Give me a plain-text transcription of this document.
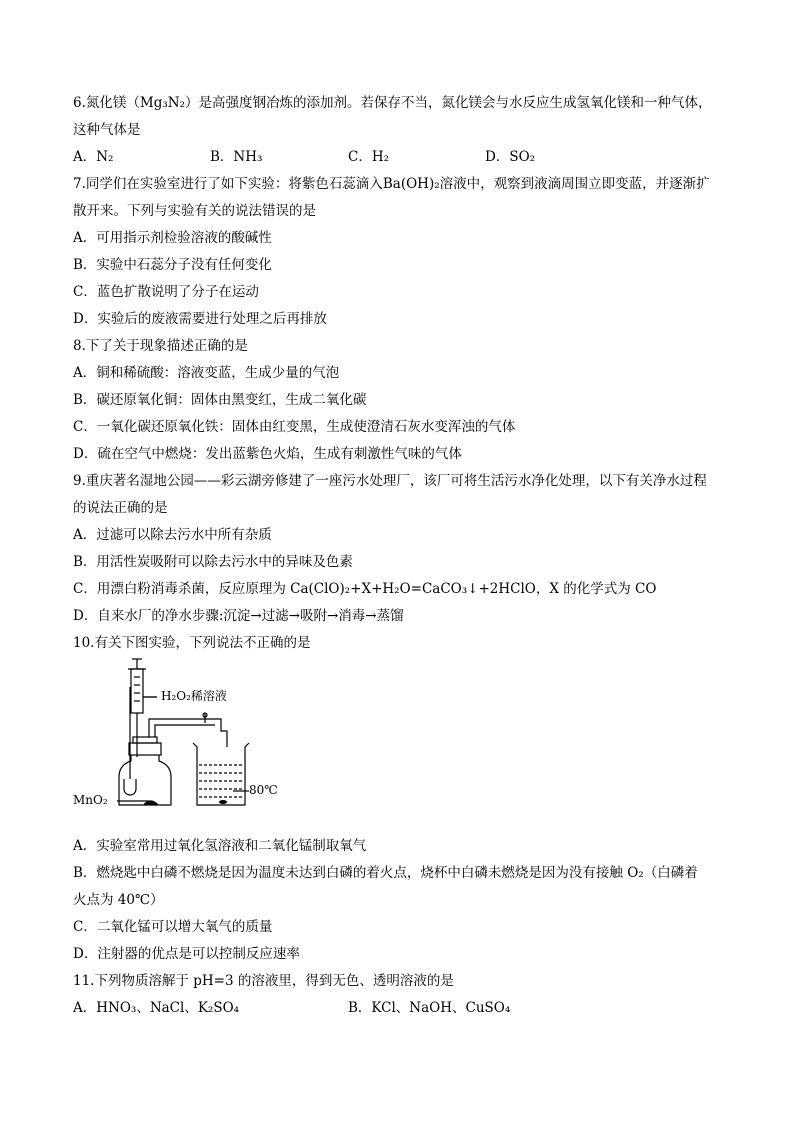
6.氮化镁（Mg₃N₂）是高强度钢冶炼的添加剂。若保存不当，氮化镁会与水反应生成氢氧化镁和一种气体，
这种气体是
A．N₂	B．NH₃	C．H₂	D．SO₂
7.同学们在实验室进行了如下实验：将紫色石蕊滴入Ba(OH)₂溶液中，观察到液滴周围立即变蓝，并逐渐扩
散开来。下列与实验有关的说法错误的是
A．可用指示剂检验溶液的酸碱性
B．实验中石蕊分子没有任何变化
C．蓝色扩散说明了分子在运动
D．实验后的废液需要进行处理之后再排放
8.下了关于现象描述正确的是
A．铜和稀硫酸：溶液变蓝，生成少量的气泡
B．碳还原氧化铜：固体由黑变红，生成二氧化碳
C．一氧化碳还原氧化铁：固体由红变黑，生成使澄清石灰水变浑浊的气体
D．硫在空气中燃烧：发出蓝紫色火焰，生成有刺激性气味的气体
9.重庆著名湿地公园——彩云湖旁修建了一座污水处理厂，该厂可将生活污水净化处理，以下有关净水过程
的说法正确的是
A．过滤可以除去污水中所有杂质
B．用活性炭吸附可以除去污水中的异味及色素
C．用漂白粉消毒杀菌，反应原理为 Ca(ClO)₂+X+H₂O=CaCO₃↓+2HClO，X 的化学式为 CO
D．自来水厂的净水步骤:沉淀→过滤→吸附→消毒→蒸馏
10.有关下图实验，下列说法不正确的是
H₂O₂稀溶液
80℃
MnO₂
A．实验室常用过氧化氢溶液和二氧化锰制取氧气
B．燃烧匙中白磷不燃烧是因为温度未达到白磷的着火点，烧杯中白磷未燃烧是因为没有接触 O₂（白磷着
火点为 40℃）
C．二氧化锰可以增大氧气的质量
D．注射器的优点是可以控制反应速率
11.下列物质溶解于 pH=3 的溶液里，得到无色、透明溶液的是
A．HNO₃、NaCl、K₂SO₄	B．KCl、NaOH、CuSO₄
